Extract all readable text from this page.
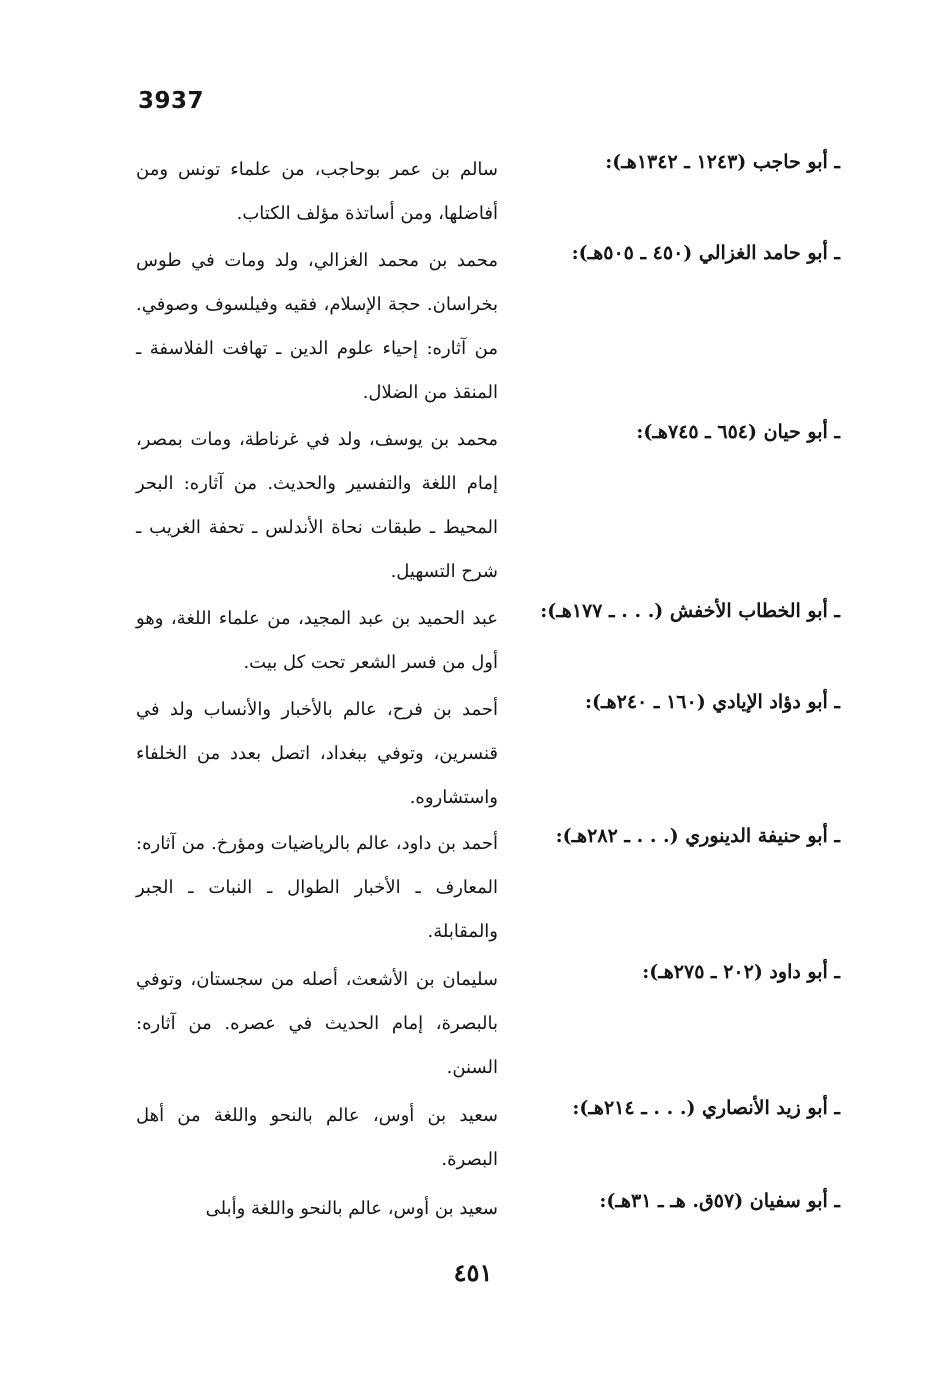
3937
ـ أبو حاجب (١٢٤٣ ـ ١٣٤٢هـ):
سالم بن عمر بوحاجب، من علماء تونس ومن أفاضلها، ومن أساتذة مؤلف الكتاب.
ـ أبو حامد الغزالي (٤٥٠ ـ ٥٠٥هـ):
محمد بن محمد الغزالي، ولد ومات في طوس بخراسان. حجة الإسلام، فقيه وفيلسوف وصوفي. من آثاره: إحياء علوم الدين ـ تهافت الفلاسفة ـ المنقذ من الضلال.
ـ أبو حيان (٦٥٤ ـ ٧٤٥هـ):
محمد بن يوسف، ولد في غرناطة، ومات بمصر، إمام اللغة والتفسير والحديث. من آثاره: البحر المحيط ـ طبقات نحاة الأندلس ـ تحفة الغريب ـ شرح التسهيل.
ـ أبو الخطاب الأخفش (. . . ـ ١٧٧هـ):
عبد الحميد بن عبد المجيد، من علماء اللغة، وهو أول من فسر الشعر تحت كل بيت.
ـ أبو دؤاد الإيادي (١٦٠ ـ ٢٤٠هـ):
أحمد بن فرح، عالم بالأخبار والأنساب ولد في قنسرين، وتوفي ببغداد، اتصل بعدد من الخلفاء واستشاروه.
ـ أبو حنيفة الدينوري (. . . ـ ٢٨٢هـ):
أحمد بن داود، عالم بالرياضيات ومؤرخ. من آثاره: المعارف ـ الأخبار الطوال ـ النبات ـ الجبر والمقابلة.
ـ أبو داود (٢٠٢ ـ ٢٧٥هـ):
سليمان بن الأشعث، أصله من سجستان، وتوفي بالبصرة، إمام الحديث في عصره. من آثاره: السنن.
ـ أبو زيد الأنصاري (. . . ـ ٢١٤هـ):
سعيد بن أوس، عالم بالنحو واللغة من أهل البصرة.
ـ أبو سفيان (٥٧ق. هـ ـ ٣١هـ):
سعيد بن أوس، عالم بالنحو واللغة وأبلى
٤٥١
